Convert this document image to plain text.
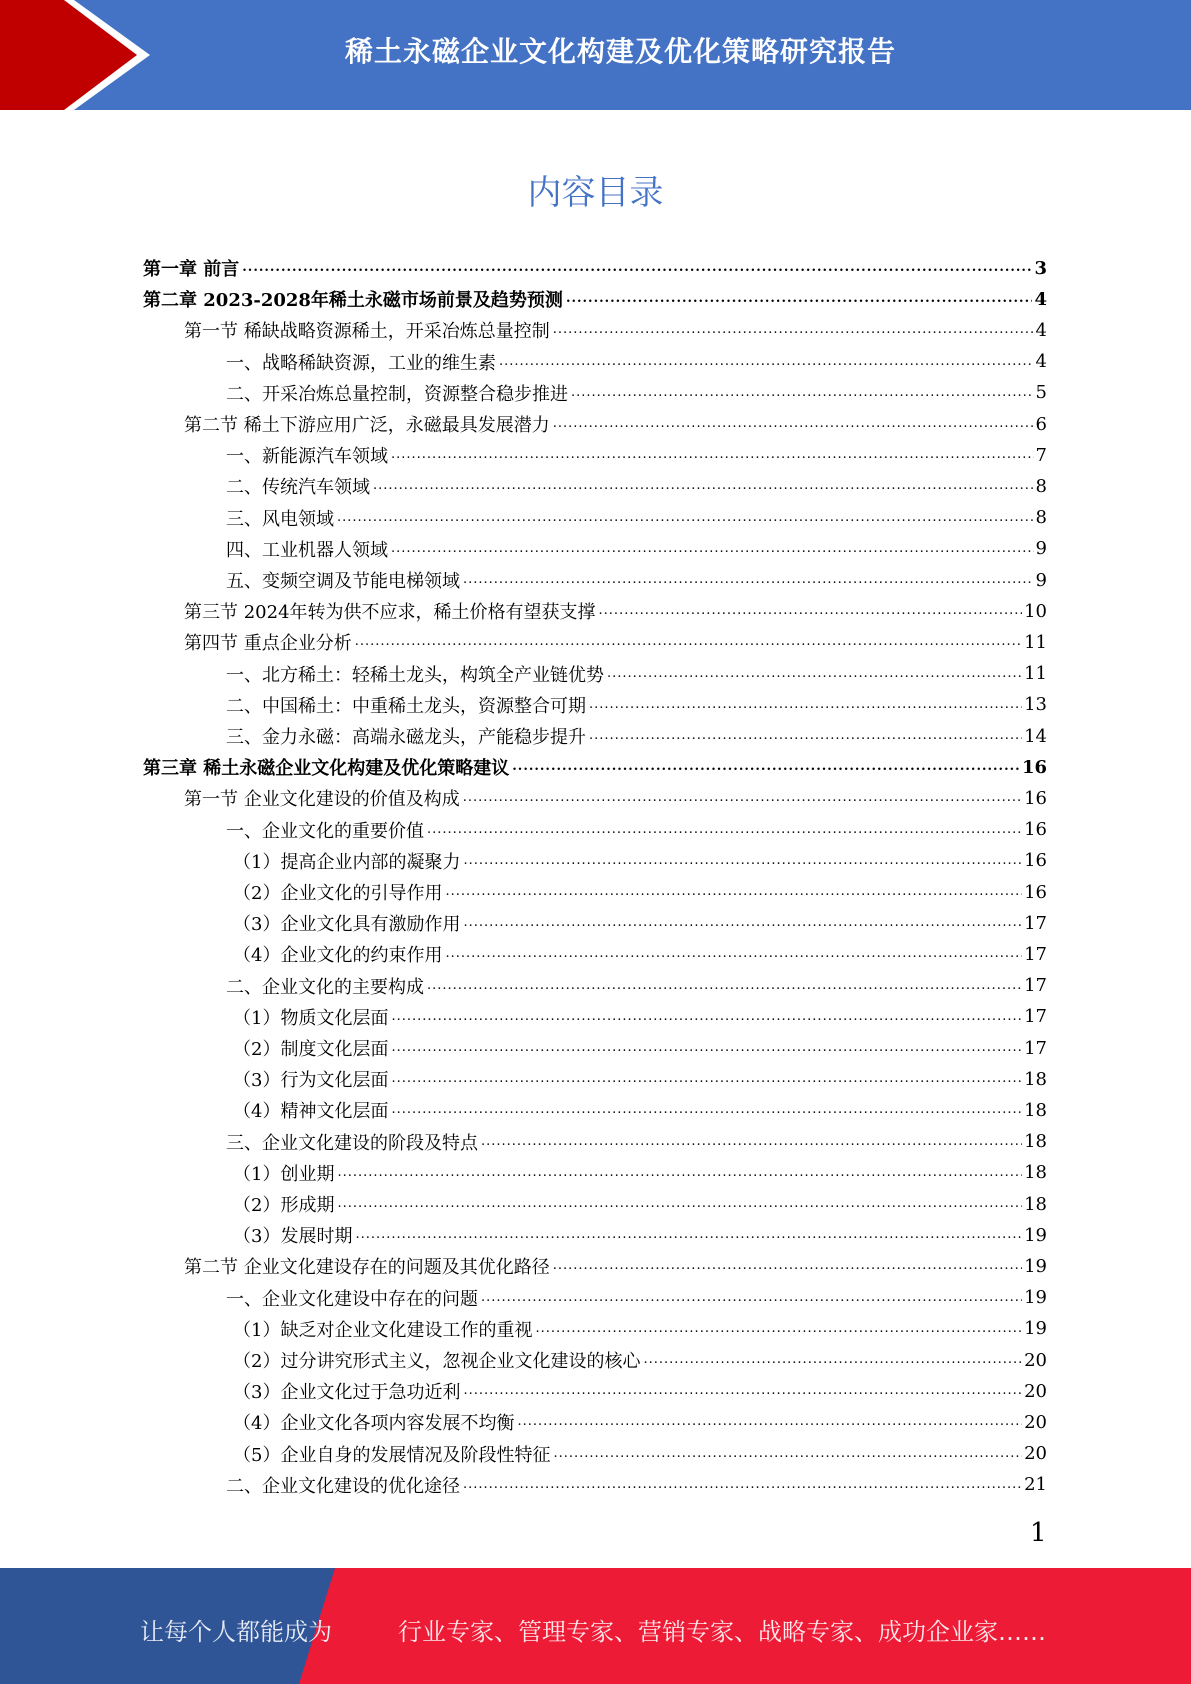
稀土永磁企业文化构建及优化策略研究报告
内容目录
第一章 前言 .....	3
第二章 2023-2028年稀土永磁市场前景及趋势预测 .....	4
第一节 稀缺战略资源稀土，开采冶炼总量控制 .....	4
一、战略稀缺资源，工业的维生素 .....	4
二、开采冶炼总量控制，资源整合稳步推进 .....	5
第二节 稀土下游应用广泛，永磁最具发展潜力 .....	6
一、新能源汽车领域 .....	7
二、传统汽车领域 .....	8
三、风电领域 .....	8
四、工业机器人领域 .....	9
五、变频空调及节能电梯领域 .....	9
第三节 2024年转为供不应求，稀土价格有望获支撑 .....	10
第四节 重点企业分析 .....	11
一、北方稀土：轻稀土龙头，构筑全产业链优势 .....	11
二、中国稀土：中重稀土龙头，资源整合可期 .....	13
三、金力永磁：高端永磁龙头，产能稳步提升 .....	14
第三章 稀土永磁企业文化构建及优化策略建议 .....	16
第一节 企业文化建设的价值及构成 .....	16
一、企业文化的重要价值 .....	16
（1）提高企业内部的凝聚力 .....	16
（2）企业文化的引导作用 .....	16
（3）企业文化具有激励作用 .....	17
（4）企业文化的约束作用 .....	17
二、企业文化的主要构成 .....	17
（1）物质文化层面 .....	17
（2）制度文化层面 .....	17
（3）行为文化层面 .....	18
（4）精神文化层面 .....	18
三、企业文化建设的阶段及特点 .....	18
（1）创业期 .....	18
（2）形成期 .....	18
（3）发展时期 .....	19
第二节 企业文化建设存在的问题及其优化路径 .....	19
一、企业文化建设中存在的问题 .....	19
（1）缺乏对企业文化建设工作的重视 .....	19
（2）过分讲究形式主义，忽视企业文化建设的核心 .....	20
（3）企业文化过于急功近利 .....	20
（4）企业文化各项内容发展不均衡 .....	20
（5）企业自身的发展情况及阶段性特征 .....	20
二、企业文化建设的优化途径 .....	21
1
让每个人都能成为	行业专家、管理专家、营销专家、战略专家、成功企业家……
